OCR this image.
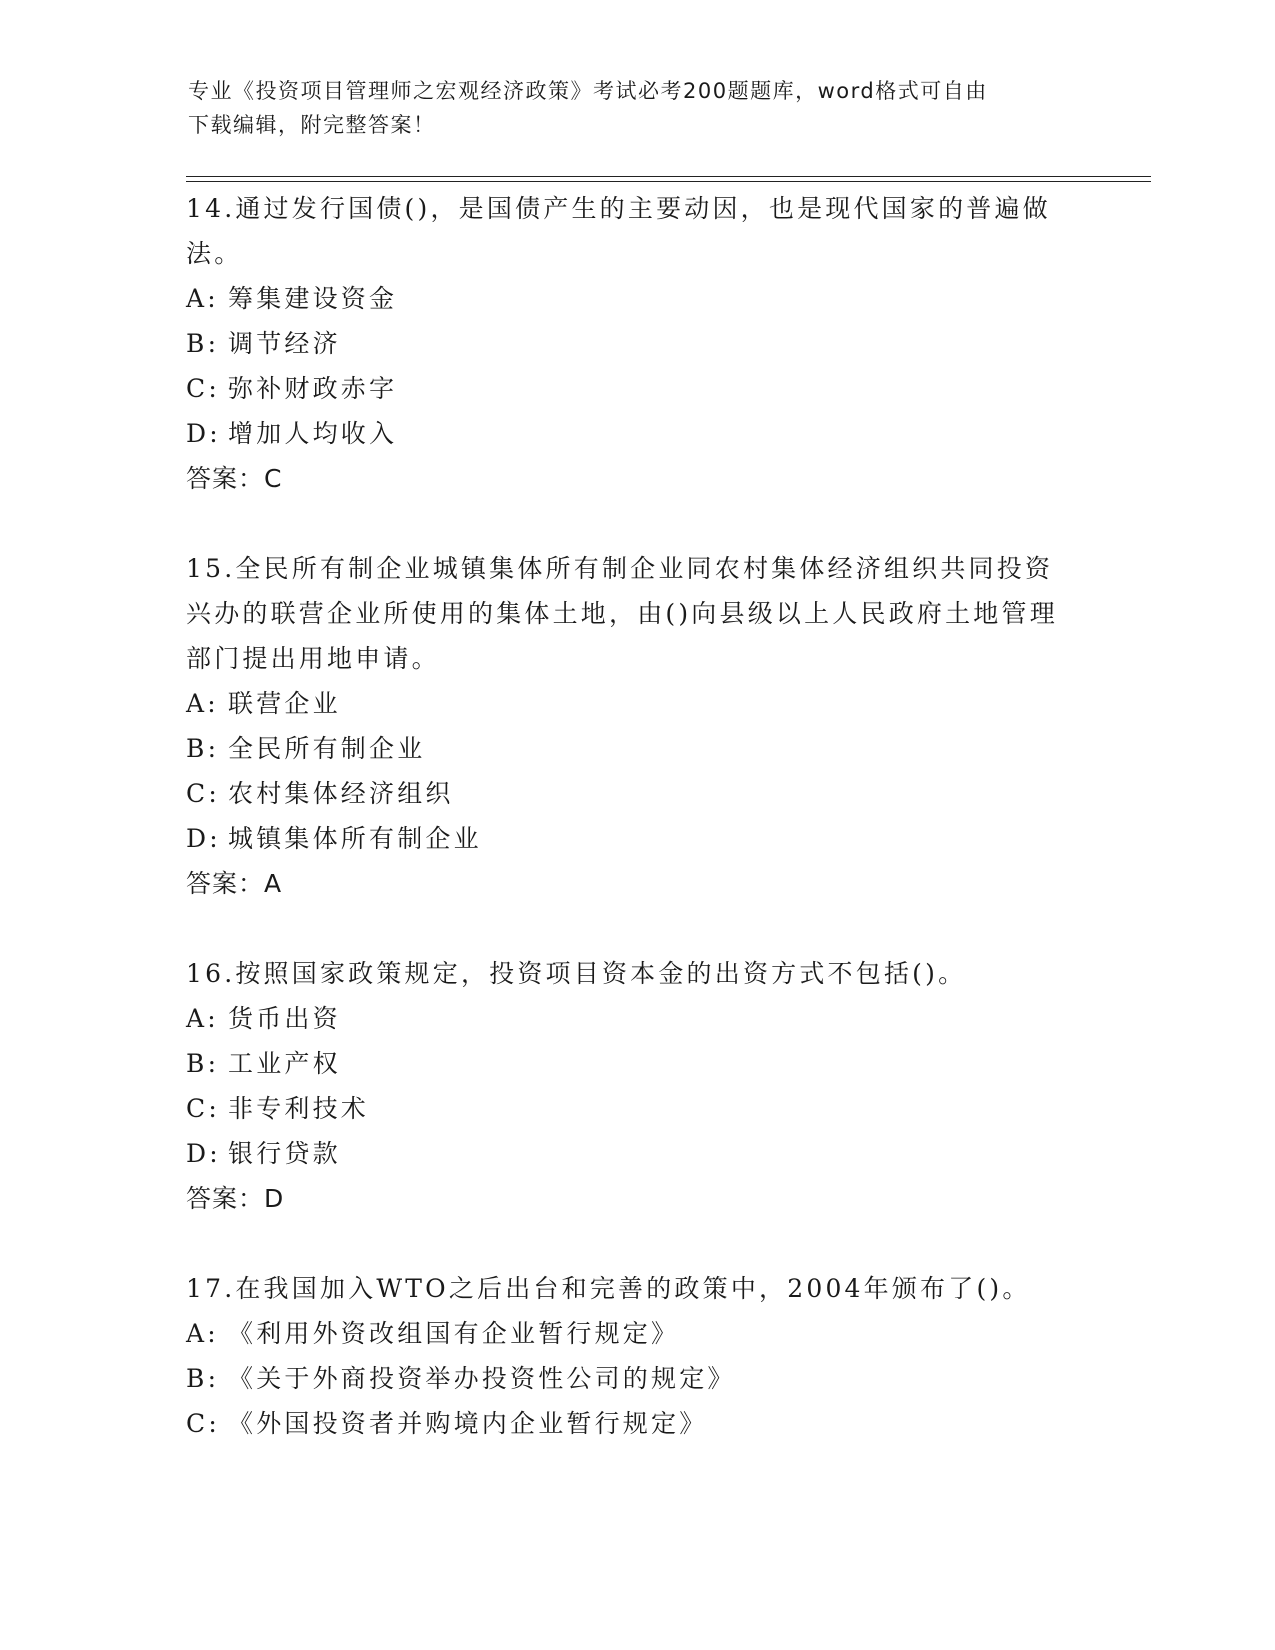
专业《投资项目管理师之宏观经济政策》考试必考200题题库，word格式可自由
下载编辑，附完整答案！

14.通过发行国债()，是国债产生的主要动因，也是现代国家的普遍做法。

A: 筹集建设资金

B: 调节经济

C: 弥补财政赤字

D: 增加人均收入

答案：C

15.全民所有制企业城镇集体所有制企业同农村集体经济组织共同投资兴办的联营企业所使用的集体土地，由()向县级以上人民政府土地管理部门提出用地申请。

A: 联营企业

B: 全民所有制企业

C: 农村集体经济组织

D: 城镇集体所有制企业

答案：A

16.按照国家政策规定，投资项目资本金的出资方式不包括()。

A: 货币出资

B: 工业产权

C: 非专利技术

D: 银行贷款

答案：D

17.在我国加入WTO之后出台和完善的政策中，2004年颁布了()。

A: 《利用外资改组国有企业暂行规定》

B: 《关于外商投资举办投资性公司的规定》

C: 《外国投资者并购境内企业暂行规定》
